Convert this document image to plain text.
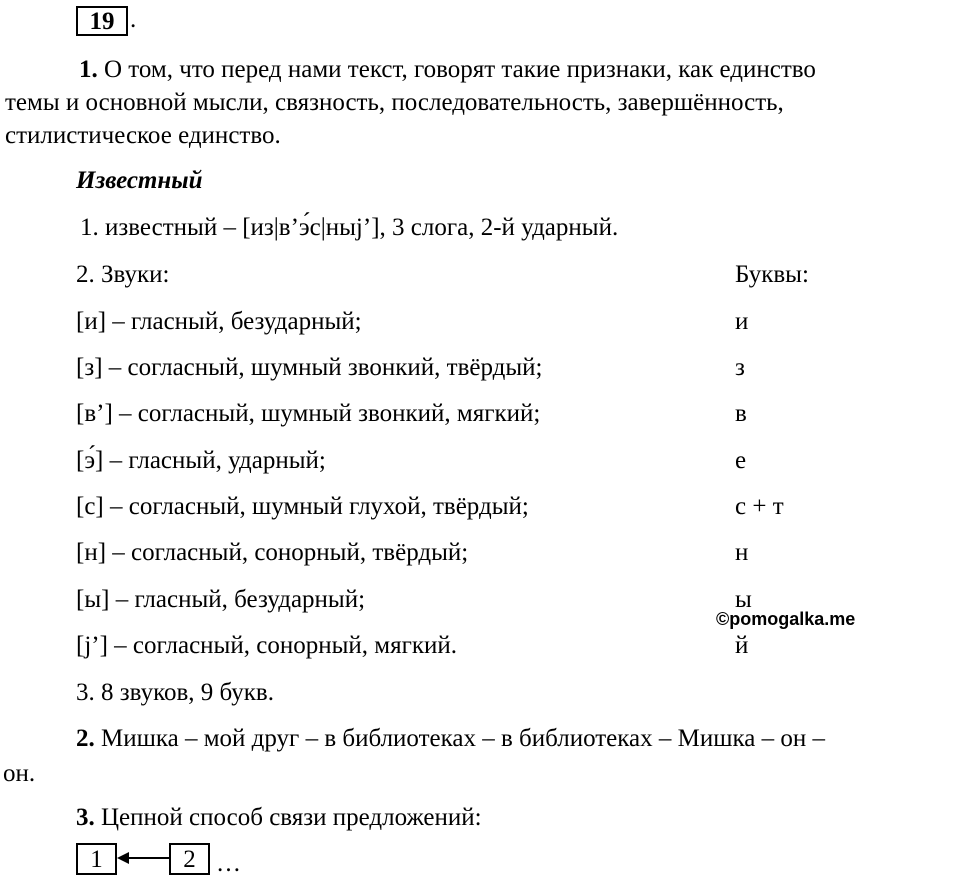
19 .
1. О том, что перед нами текст, говорят такие признаки, как единство
темы и основной мысли, связность, последовательность, завершённость,
стилистическое единство.
Известный
1. известный – [из|в’э́с|ныj’], 3 слога, 2-й ударный.
2. Звуки:	Буквы:
[и] – гласный, безударный;	и
[з] – согласный, шумный звонкий, твёрдый;	з
[в’] – согласный, шумный звонкий, мягкий;	в
[э́] – гласный, ударный;	е
[с] – согласный, шумный глухой, твёрдый;	с + т
[н] – согласный, сонорный, твёрдый;	н
[ы] – гласный, безударный;	ы
©pomogalka.me
[j’] – согласный, сонорный, мягкий.	й
3. 8 звуков, 9 букв.
2. Мишка – мой друг – в библиотеках – в библиотеках – Мишка – он –
он.
3. Цепной способ связи предложений:
1	2 …
